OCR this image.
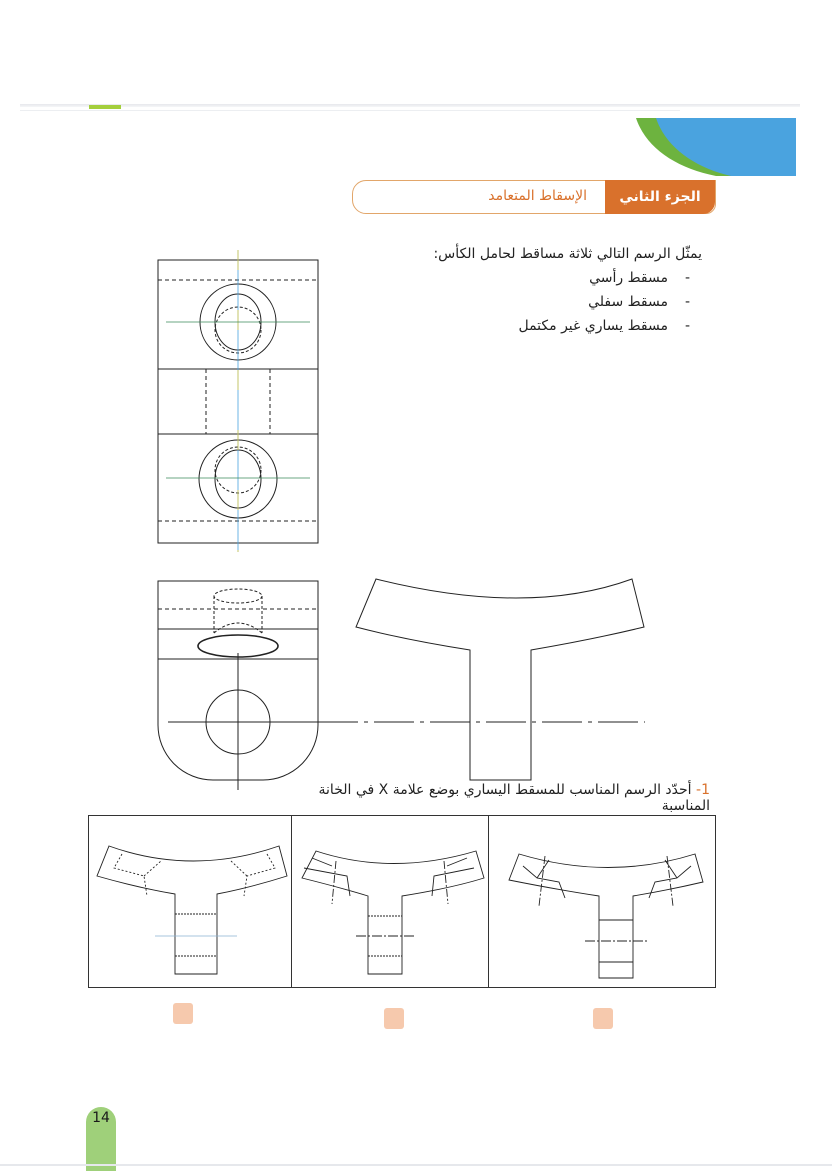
الجزء الثاني
الإسقاط المتعامد
يمثّل الرسم التالي ثلاثة مساقط لحامل الكأس:
- مسقط رأسي
- مسقط سفلي
- مسقط يساري غير مكتمل
1- أحدّد الرسم المناسب للمسقط اليساري بوضع علامة X في الخانة المناسبة
14
